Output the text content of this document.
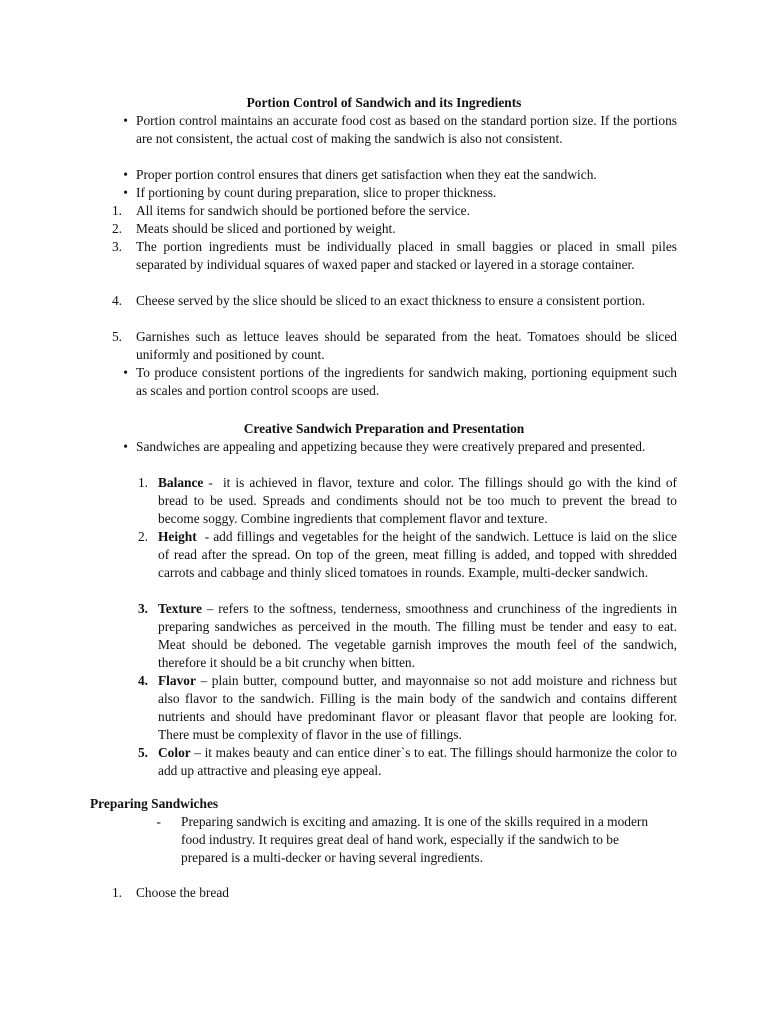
Portion Control of Sandwich and its Ingredients
• Portion control maintains an accurate food cost as based on the standard portion size. If the portions are not consistent, the actual cost of making the sandwich is also not consistent.
• Proper portion control ensures that diners get satisfaction when they eat the sandwich.
• If portioning by count during preparation, slice to proper thickness.
1. All items for sandwich should be portioned before the service.
2. Meats should be sliced and portioned by weight.
3. The portion ingredients must be individually placed in small baggies or placed in small piles separated by individual squares of waxed paper and stacked or layered in a storage container.
4. Cheese served by the slice should be sliced to an exact thickness to ensure a consistent portion.
5. Garnishes such as lettuce leaves should be separated from the heat. Tomatoes should be sliced uniformly and positioned by count.
• To produce consistent portions of the ingredients for sandwich making, portioning equipment such as scales and portion control scoops are used.
Creative Sandwich Preparation and Presentation
• Sandwiches are appealing and appetizing because they were creatively prepared and presented.
1. Balance -  it is achieved in flavor, texture and color. The fillings should go with the kind of bread to be used. Spreads and condiments should not be too much to prevent the bread to become soggy. Combine ingredients that complement flavor and texture.
2. Height  - add fillings and vegetables for the height of the sandwich. Lettuce is laid on the slice of read after the spread. On top of the green, meat filling is added, and topped with shredded carrots and cabbage and thinly sliced tomatoes in rounds. Example, multi-decker sandwich.
3. Texture – refers to the softness, tenderness, smoothness and crunchiness of the ingredients in preparing sandwiches as perceived in the mouth. The filling must be tender and easy to eat. Meat should be deboned. The vegetable garnish improves the mouth feel of the sandwich, therefore it should be a bit crunchy when bitten.
4. Flavor – plain butter, compound butter, and mayonnaise so not add moisture and richness but also flavor to the sandwich. Filling is the main body of the sandwich and contains different nutrients and should have predominant flavor or pleasant flavor that people are looking for. There must be complexity of flavor in the use of fillings.
5. Color – it makes beauty and can entice diner`s to eat. The fillings should harmonize the color to add up attractive and pleasing eye appeal.
Preparing Sandwiches
- Preparing sandwich is exciting and amazing. It is one of the skills required in a modern food industry. It requires great deal of hand work, especially if the sandwich to be prepared is a multi-decker or having several ingredients.
1. Choose the bread
